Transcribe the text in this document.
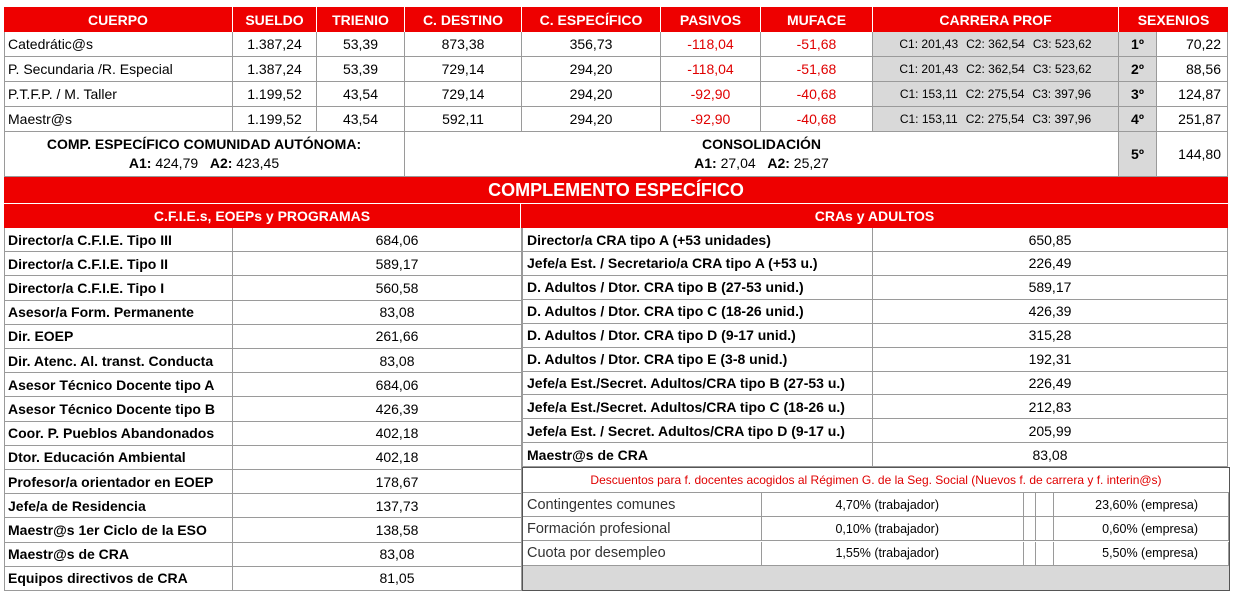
CUERPO	SUELDO	TRIENIO	C. DESTINO	C. ESPECÍFICO	PASIVOS	MUFACE	CARRERA PROF	SEXENIOS
Catedrátic@s	1.387,24	53,39	873,38	356,73	-118,04	-51,68	C1: 201,43 C2: 362,54 C3: 523,62	1º	70,22
P. Secundaria /R. Especial	1.387,24	53,39	729,14	294,20	-118,04	-51,68	C1: 201,43 C2: 362,54 C3: 523,62	2º	88,56
P.T.F.P. / M. Taller	1.199,52	43,54	729,14	294,20	-92,90	-40,68	C1: 153,11 C2: 275,54 C3: 397,96	3º	124,87
Maestr@s	1.199,52	43,54	592,11	294,20	-92,90	-40,68	C1: 153,11 C2: 275,54 C3: 397,96	4º	251,87
COMP. ESPECÍFICO COMUNIDAD AUTÓNOMA:
A1: 424,79 A2: 423,45
CONSOLIDACIÓN
A1: 27,04 A2: 25,27
5º	144,80
COMPLEMENTO ESPECÍFICO
C.F.I.E.s, EOEPs y PROGRAMAS	CRAs y ADULTOS
Director/a C.F.I.E. Tipo III	684,06
Director/a C.F.I.E. Tipo II	589,17
Director/a C.F.I.E. Tipo I	560,58
Asesor/a Form. Permanente	83,08
Dir. EOEP	261,66
Dir. Atenc. Al. transt. Conducta	83,08
Asesor Técnico Docente tipo A	684,06
Asesor Técnico Docente tipo B	426,39
Coor. P. Pueblos Abandonados	402,18
Dtor. Educación Ambiental	402,18
Profesor/a orientador en EOEP	178,67
Jefe/a de Residencia	137,73
Maestr@s 1er Ciclo de la ESO	138,58
Maestr@s de CRA	83,08
Equipos directivos de CRA	81,05
Director/a CRA tipo A (+53 unidades)	650,85
Jefe/a Est. / Secretario/a CRA tipo A (+53 u.)	226,49
D. Adultos / Dtor. CRA tipo B (27-53 unid.)	589,17
D. Adultos / Dtor. CRA tipo C (18-26 unid.)	426,39
D. Adultos / Dtor. CRA tipo D (9-17 unid.)	315,28
D. Adultos / Dtor. CRA tipo E (3-8 unid.)	192,31
Jefe/a Est./Secret. Adultos/CRA tipo B (27-53 u.)	226,49
Jefe/a Est./Secret. Adultos/CRA tipo C (18-26 u.)	212,83
Jefe/a Est. / Secret. Adultos/CRA tipo D (9-17 u.)	205,99
Maestr@s de CRA	83,08
Descuentos para f. docentes acogidos al Régimen G. de la Seg. Social (Nuevos f. de carrera y f. interin@s)
Contingentes comunes	4,70% (trabajador)	23,60% (empresa)
Formación profesional	0,10% (trabajador)	0,60% (empresa)
Cuota por desempleo	1,55% (trabajador)	5,50% (empresa)
